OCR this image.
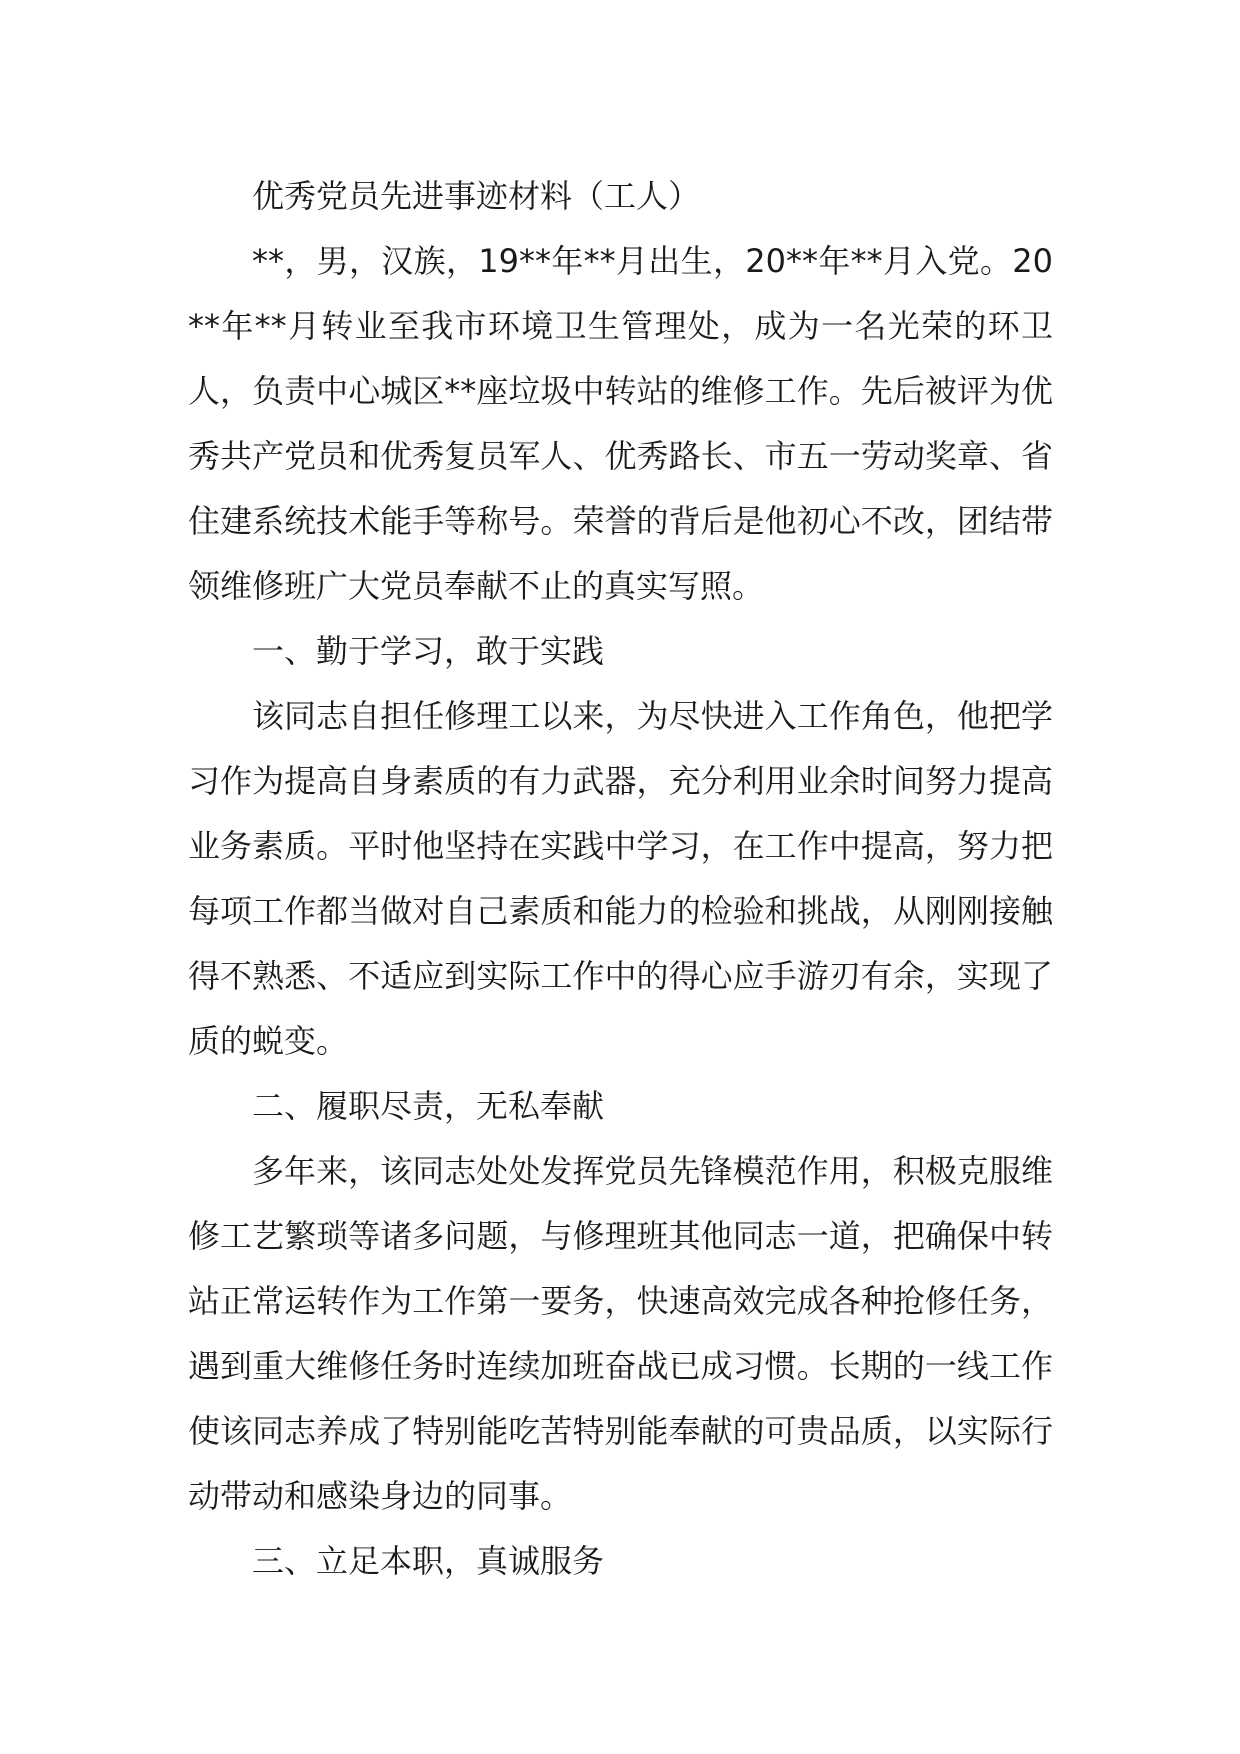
优秀党员先进事迹材料（工人）

**，男，汉族，19**年**月出生，20**年**月入党。20**年**月转业至我市环境卫生管理处，成为一名光荣的环卫人，负责中心城区**座垃圾中转站的维修工作。先后被评为优秀共产党员和优秀复员军人、优秀路长、市五一劳动奖章、省住建系统技术能手等称号。荣誉的背后是他初心不改，团结带领维修班广大党员奉献不止的真实写照。

一、勤于学习，敢于实践

该同志自担任修理工以来，为尽快进入工作角色，他把学习作为提高自身素质的有力武器，充分利用业余时间努力提高业务素质。平时他坚持在实践中学习，在工作中提高，努力把每项工作都当做对自己素质和能力的检验和挑战，从刚刚接触得不熟悉、不适应到实际工作中的得心应手游刃有余，实现了质的蜕变。

二、履职尽责，无私奉献

多年来，该同志处处发挥党员先锋模范作用，积极克服维修工艺繁琐等诸多问题，与修理班其他同志一道，把确保中转站正常运转作为工作第一要务，快速高效完成各种抢修任务，遇到重大维修任务时连续加班奋战已成习惯。长期的一线工作使该同志养成了特别能吃苦特别能奉献的可贵品质，以实际行动带动和感染身边的同事。

三、立足本职，真诚服务
